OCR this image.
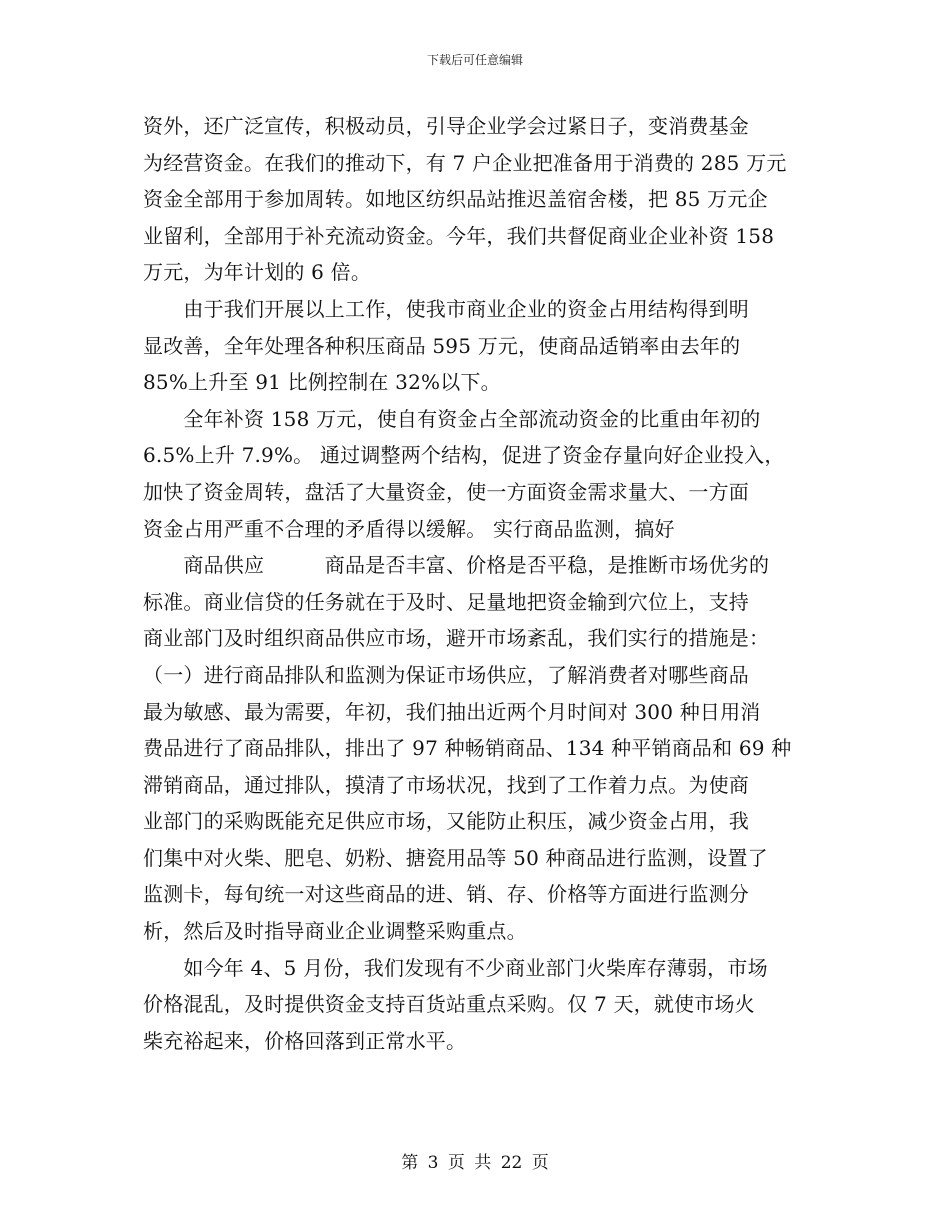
下载后可任意编辑
资外，还广泛宣传，积极动员，引导企业学会过紧日子，变消费基金
为经营资金。在我们的推动下，有 7 户企业把准备用于消费的 285 万元
资金全部用于参加周转。如地区纺织品站推迟盖宿舍楼，把 85 万元企
业留利，全部用于补充流动资金。今年，我们共督促商业企业补资 158
万元，为年计划的 6 倍。
　　由于我们开展以上工作，使我市商业企业的资金占用结构得到明
显改善，全年处理各种积压商品 595 万元，使商品适销率由去年的
85%上升至 91 比例控制在 32%以下。
　　全年补资 158 万元，使自有资金占全部流动资金的比重由年初的
6.5%上升 7.9%。 通过调整两个结构，促进了资金存量向好企业投入，
加快了资金周转，盘活了大量资金，使一方面资金需求量大、一方面
资金占用严重不合理的矛盾得以缓解。 实行商品监测，搞好
　　商品供应　　　商品是否丰富、价格是否平稳，是推断市场优劣的
标准。商业信贷的任务就在于及时、足量地把资金输到穴位上，支持
商业部门及时组织商品供应市场，避开市场紊乱，我们实行的措施是：
（一）进行商品排队和监测为保证市场供应，了解消费者对哪些商品
最为敏感、最为需要，年初，我们抽出近两个月时间对 300 种日用消
费品进行了商品排队，排出了 97 种畅销商品、134 种平销商品和 69 种
滞销商品，通过排队，摸清了市场状况，找到了工作着力点。为使商
业部门的采购既能充足供应市场，又能防止积压，减少资金占用，我
们集中对火柴、肥皂、奶粉、搪瓷用品等 50 种商品进行监测，设置了
监测卡，每旬统一对这些商品的进、销、存、价格等方面进行监测分
析，然后及时指导商业企业调整采购重点。
　　如今年 4、5 月份，我们发现有不少商业部门火柴库存薄弱，市场
价格混乱，及时提供资金支持百货站重点采购。仅 7 天，就使市场火
柴充裕起来，价格回落到正常水平。
第 3 页 共 22 页
